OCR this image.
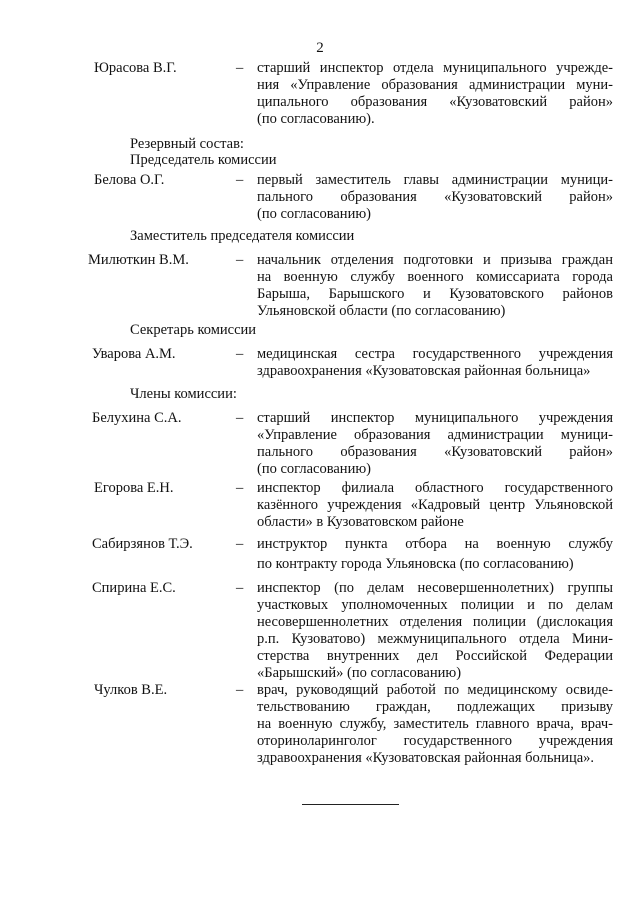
2
Юрасова В.Г.	– старший инспектор отдела муниципального учрежде-
ния «Управление образования администрации муни-
ципального образования «Кузоватовский район»
(по согласованию).
Резервный состав:
Председатель комиссии
Белова О.Г.	– первый заместитель главы администрации муници-
пального образования «Кузоватовский район»
(по согласованию)
Заместитель председателя комиссии
Милюткин В.М.	– начальник отделения подготовки и призыва граждан
на военную службу военного комиссариата города
Барыша, Барышского и Кузоватовского районов
Ульяновской области (по согласованию)
Секретарь комиссии
Уварова А.М.	– медицинская сестра государственного учреждения
здравоохранения «Кузоватовская районная больница»
Члены комиссии:
Белухина С.А.	– старший инспектор муниципального учреждения
«Управление образования администрации муници-
пального образования «Кузоватовский район»
(по согласованию)
Егорова Е.Н.	– инспектор филиала областного государственного
казённого учреждения «Кадровый центр Ульяновской
области» в Кузоватовском районе
Сабирзянов Т.Э.	– инструктор пункта отбора на военную службу
по контракту города Ульяновска (по согласованию)
Спирина Е.С.	– инспектор (по делам несовершеннолетних) группы
участковых уполномоченных полиции и по делам
несовершеннолетних отделения полиции (дислокация
р.п. Кузоватово) межмуниципального отдела Мини-
стерства внутренних дел Российской Федерации
«Барышский» (по согласованию)
Чулков В.Е.	– врач, руководящий работой по медицинскому освиде-
тельствованию граждан, подлежащих призыву
на военную службу, заместитель главного врача, врач-
оториноларинголог государственного учреждения
здравоохранения «Кузоватовская районная больница».
